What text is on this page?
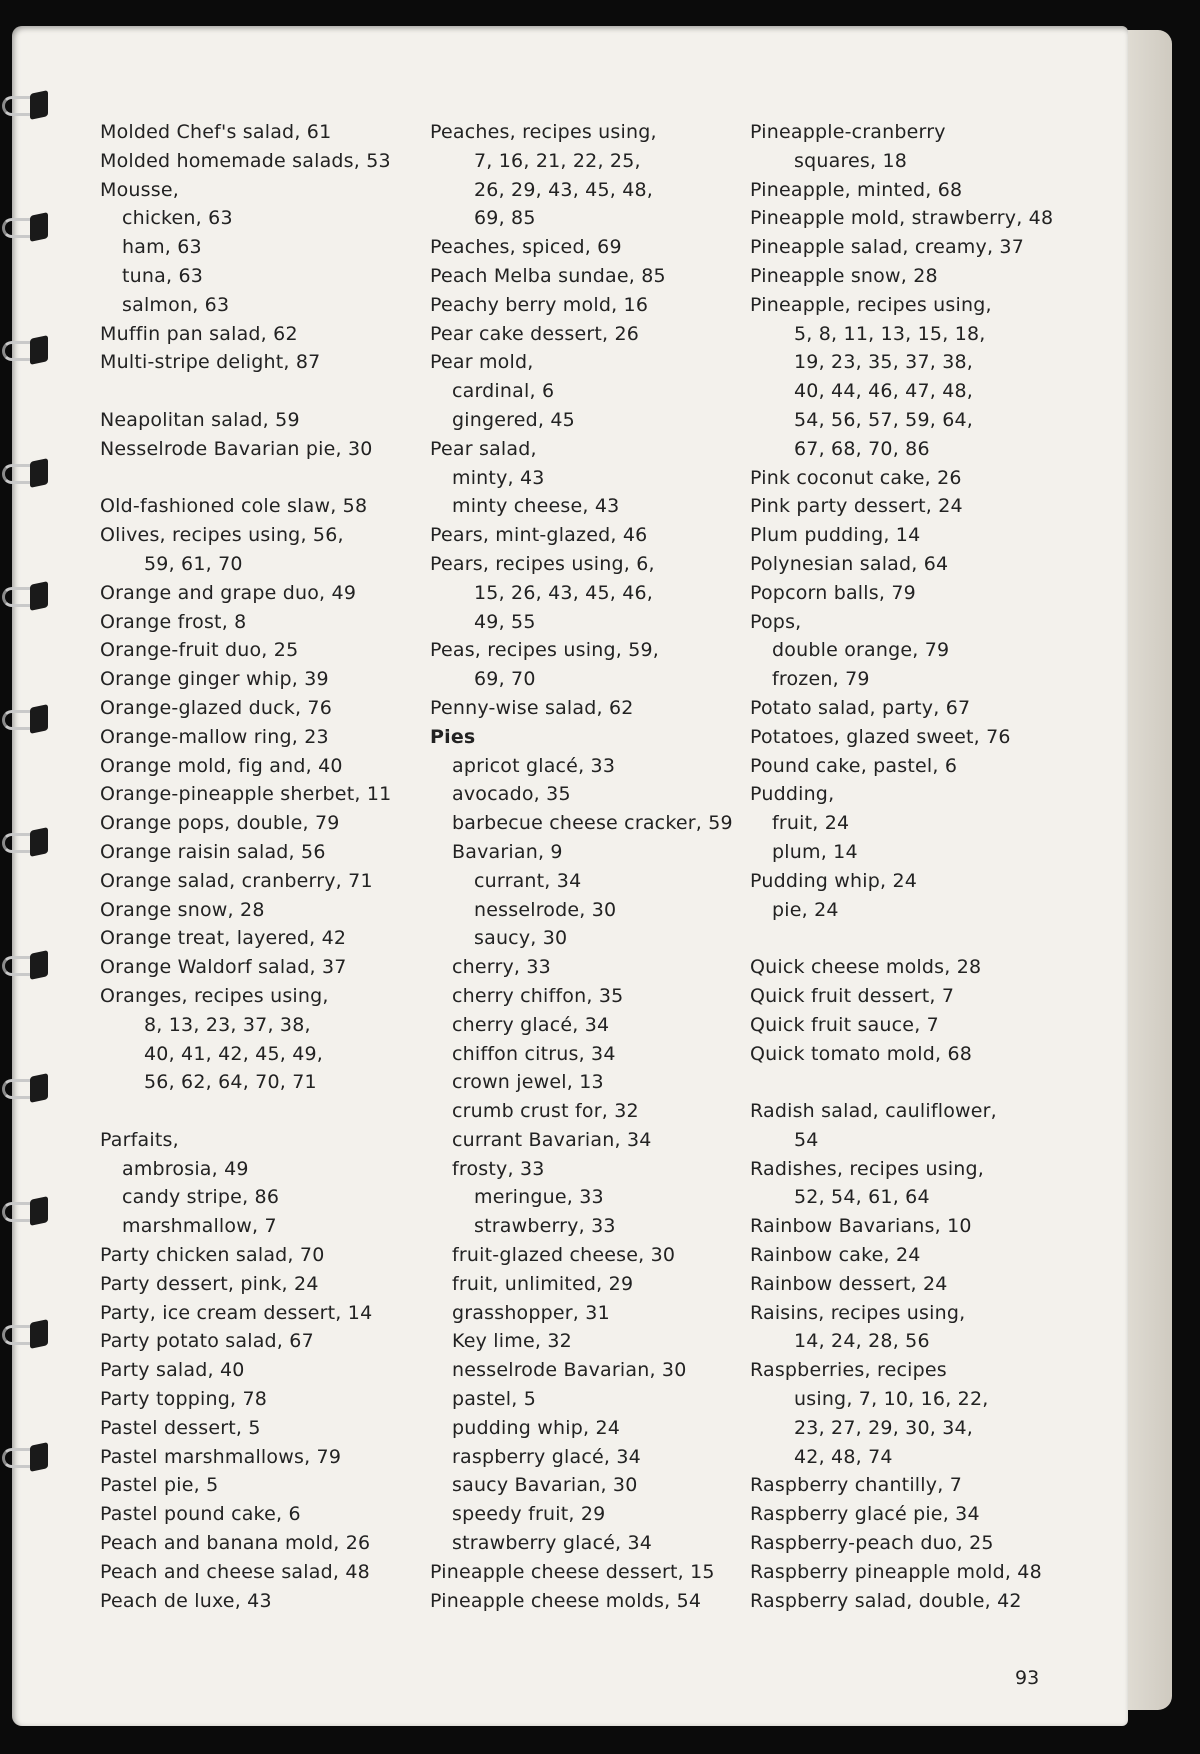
Molded Chef's salad, 61
Molded homemade salads, 53
Mousse,
chicken, 63
ham, 63
tuna, 63
salmon, 63
Muffin pan salad, 62
Multi-stripe delight, 87
Neapolitan salad, 59
Nesselrode Bavarian pie, 30
Old-fashioned cole slaw, 58
Olives, recipes using, 56,
59, 61, 70
Orange and grape duo, 49
Orange frost, 8
Orange-fruit duo, 25
Orange ginger whip, 39
Orange-glazed duck, 76
Orange-mallow ring, 23
Orange mold, fig and, 40
Orange-pineapple sherbet, 11
Orange pops, double, 79
Orange raisin salad, 56
Orange salad, cranberry, 71
Orange snow, 28
Orange treat, layered, 42
Orange Waldorf salad, 37
Oranges, recipes using,
8, 13, 23, 37, 38,
40, 41, 42, 45, 49,
56, 62, 64, 70, 71
Parfaits,
ambrosia, 49
candy stripe, 86
marshmallow, 7
Party chicken salad, 70
Party dessert, pink, 24
Party, ice cream dessert, 14
Party potato salad, 67
Party salad, 40
Party topping, 78
Pastel dessert, 5
Pastel marshmallows, 79
Pastel pie, 5
Pastel pound cake, 6
Peach and banana mold, 26
Peach and cheese salad, 48
Peach de luxe, 43
Peaches, recipes using,
7, 16, 21, 22, 25,
26, 29, 43, 45, 48,
69, 85
Peaches, spiced, 69
Peach Melba sundae, 85
Peachy berry mold, 16
Pear cake dessert, 26
Pear mold,
cardinal, 6
gingered, 45
Pear salad,
minty, 43
minty cheese, 43
Pears, mint-glazed, 46
Pears, recipes using, 6,
15, 26, 43, 45, 46,
49, 55
Peas, recipes using, 59,
69, 70
Penny-wise salad, 62
Pies
apricot glacé, 33
avocado, 35
barbecue cheese cracker, 59
Bavarian, 9
currant, 34
nesselrode, 30
saucy, 30
cherry, 33
cherry chiffon, 35
cherry glacé, 34
chiffon citrus, 34
crown jewel, 13
crumb crust for, 32
currant Bavarian, 34
frosty, 33
meringue, 33
strawberry, 33
fruit-glazed cheese, 30
fruit, unlimited, 29
grasshopper, 31
Key lime, 32
nesselrode Bavarian, 30
pastel, 5
pudding whip, 24
raspberry glacé, 34
saucy Bavarian, 30
speedy fruit, 29
strawberry glacé, 34
Pineapple cheese dessert, 15
Pineapple cheese molds, 54
Pineapple-cranberry
squares, 18
Pineapple, minted, 68
Pineapple mold, strawberry, 48
Pineapple salad, creamy, 37
Pineapple snow, 28
Pineapple, recipes using,
5, 8, 11, 13, 15, 18,
19, 23, 35, 37, 38,
40, 44, 46, 47, 48,
54, 56, 57, 59, 64,
67, 68, 70, 86
Pink coconut cake, 26
Pink party dessert, 24
Plum pudding, 14
Polynesian salad, 64
Popcorn balls, 79
Pops,
double orange, 79
frozen, 79
Potato salad, party, 67
Potatoes, glazed sweet, 76
Pound cake, pastel, 6
Pudding,
fruit, 24
plum, 14
Pudding whip, 24
pie, 24
Quick cheese molds, 28
Quick fruit dessert, 7
Quick fruit sauce, 7
Quick tomato mold, 68
Radish salad, cauliflower,
54
Radishes, recipes using,
52, 54, 61, 64
Rainbow Bavarians, 10
Rainbow cake, 24
Rainbow dessert, 24
Raisins, recipes using,
14, 24, 28, 56
Raspberries, recipes
using, 7, 10, 16, 22,
23, 27, 29, 30, 34,
42, 48, 74
Raspberry chantilly, 7
Raspberry glacé pie, 34
Raspberry-peach duo, 25
Raspberry pineapple mold, 48
Raspberry salad, double, 42
93
